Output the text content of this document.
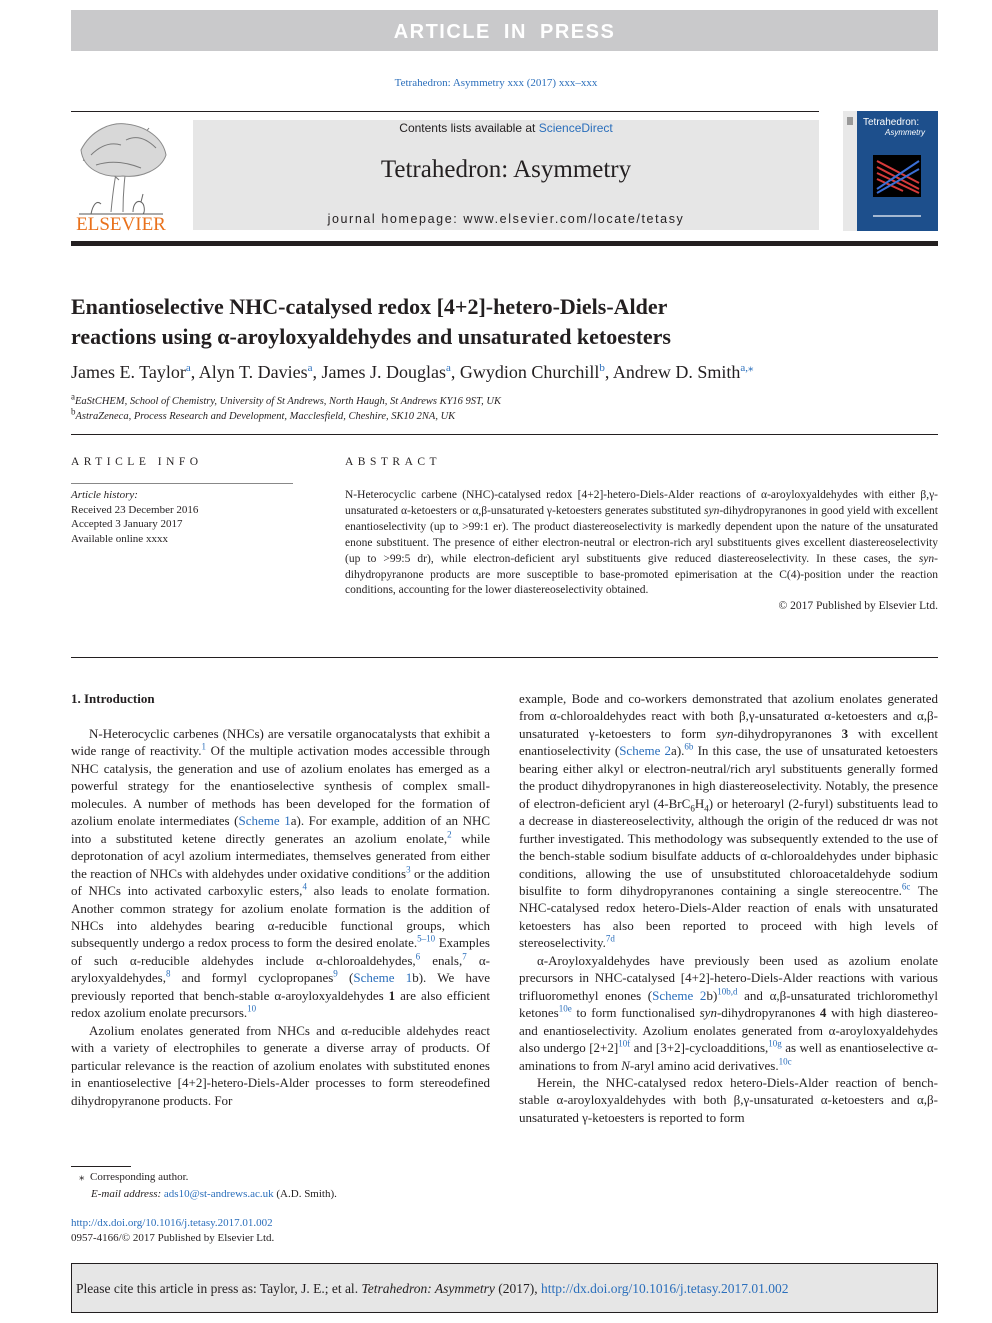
ARTICLE IN PRESS
Tetrahedron: Asymmetry xxx (2017) xxx–xxx
ELSEVIER
Contents lists available at ScienceDirect
Tetrahedron: Asymmetry
journal homepage: www.elsevier.com/locate/tetasy
Tetrahedron:
Asymmetry
Enantioselective NHC-catalysed redox [4+2]-hetero-Diels-Alder
reactions using α-aroyloxyaldehydes and unsaturated ketoesters
James E. Taylor$^a$, Alyn T. Davies$^a$, James J. Douglas$^a$, Gwydion Churchill$^b$, Andrew D. Smith$^{a,⁎}$
$^a$EaStCHEM, School of Chemistry, University of St Andrews, North Haugh, St Andrews KY16 9ST, UK
$^b$AstraZeneca, Process Research and Development, Macclesfield, Cheshire, SK10 2NA, UK
ARTICLE INFO
Article history:
Received 23 December 2016
Accepted 3 January 2017
Available online xxxx
ABSTRACT
N-Heterocyclic carbene (NHC)-catalysed redox [4+2]-hetero-Diels-Alder reactions of α-aroyloxyaldehydes with either β,γ-unsaturated α-ketoesters or α,β-unsaturated γ-ketoesters generates substituted syn-dihydropyranones in good yield with excellent enantioselectivity (up to >99:1 er). The product diastereoselectivity is markedly dependent upon the nature of the unsaturated enone substituent. The presence of either electron-neutral or electron-rich aryl substituents gives excellent diastereoselectivity (up to >99:5 dr), while electron-deficient aryl substituents give reduced diastereoselectivity. In these cases, the syn-dihydropyranone products are more susceptible to base-promoted epimerisation at the C(4)-position under the reaction conditions, accounting for the lower diastereoselectivity obtained.
© 2017 Published by Elsevier Ltd.
1. Introduction

N-Heterocyclic carbenes (NHCs) are versatile organocatalysts that exhibit a wide range of reactivity.$^1$ Of the multiple activation modes accessible through NHC catalysis, the generation and use of azolium enolates has emerged as a powerful strategy for the enantioselective synthesis of complex small-molecules. A number of methods has been developed for the formation of azolium enolate intermediates (Scheme 1a). For example, addition of an NHC into a substituted ketene directly generates an azolium enolate,$^2$ while deprotonation of acyl azolium intermediates, themselves generated from either the reaction of NHCs with aldehydes under oxidative conditions$^3$ or the addition of NHCs into activated carboxylic esters,$^4$ also leads to enolate formation. Another common strategy for azolium enolate formation is the addition of NHCs into aldehydes bearing α-reducible functional groups, which subsequently undergo a redox process to form the desired enolate.$^{5-10}$ Examples of such α-reducible aldehydes include α-chloroaldehydes,$^6$ enals,$^7$ α-aryloxyaldehydes,$^8$ and formyl cyclopropanes$^9$ (Scheme 1b). We have previously reported that bench-stable α-aroyloxyaldehydes 1 are also efficient redox azolium enolate precursors.$^{10}$

Azolium enolates generated from NHCs and α-reducible aldehydes react with a variety of electrophiles to generate a diverse array of products. Of particular relevance is the reaction of azolium enolates with substituted enones in enantioselective [4+2]-hetero-Diels-Alder processes to form stereodefined dihydropyranone products. For

example, Bode and co-workers demonstrated that azolium enolates generated from α-chloroaldehydes react with both β,γ-unsaturated α-ketoesters and α,β-unsaturated γ-ketoesters to form syn-dihydropyranones 3 with excellent enantioselectivity (Scheme 2a).$^{6b}$ In this case, the use of unsaturated ketoesters bearing either alkyl or electron-neutral/rich aryl substituents generally formed the product dihydropyranones in high diastereoselectivity. Notably, the presence of electron-deficient aryl $(4-BrC_6H_4)$ or heteroaryl (2-furyl) substituents lead to a decrease in diastereoselectivity, although the origin of the reduced dr was not further investigated. This methodology was subsequently extended to the use of the bench-stable sodium bisulfate adducts of α-chloroaldehydes under biphasic conditions, allowing the use of unsubstituted chloroacetaldehyde sodium bisulfite to form dihydropyranones containing a single stereocentre.$^{6c}$ The NHC-catalysed redox hetero-Diels-Alder reaction of enals with unsaturated ketoesters has also been reported to proceed with high levels of stereoselectivity.$^{7d}$

α-Aroyloxyaldehydes have previously been used as azolium enolate precursors in NHC-catalysed [4+2]-hetero-Diels-Alder reactions with various trifluoromethyl enones (Scheme 2b)$^{10b,d}$ and α,β-unsaturated trichloromethyl ketones$^{10e}$ to form functionalised syn-dihydropyranones 4 with high diastereo- and enantioselectivity. Azolium enolates generated from α-aroyloxyaldehydes also undergo $[2+2]^{10f}$ and [3+2]-cycloadditions,$^{10g}$ as well as enantioselective α-aminations to from N-aryl amino acid derivatives.$^{10c}$

Herein, the NHC-catalysed redox hetero-Diels-Alder reaction of bench-stable α-aroyloxyaldehydes with both β,γ-unsaturated α-ketoesters and α,β-unsaturated γ-ketoesters is reported to form

⁎  Corresponding author.
E-mail address: ads10@st-andrews.ac.uk (A.D. Smith).
http://dx.doi.org/10.1016/j.tetasy.2017.01.002
0957-4166/© 2017 Published by Elsevier Ltd.
Please cite this article in press as: Taylor, J. E.; et al. Tetrahedron: Asymmetry (2017), http://dx.doi.org/10.1016/j.tetasy.2017.01.002
